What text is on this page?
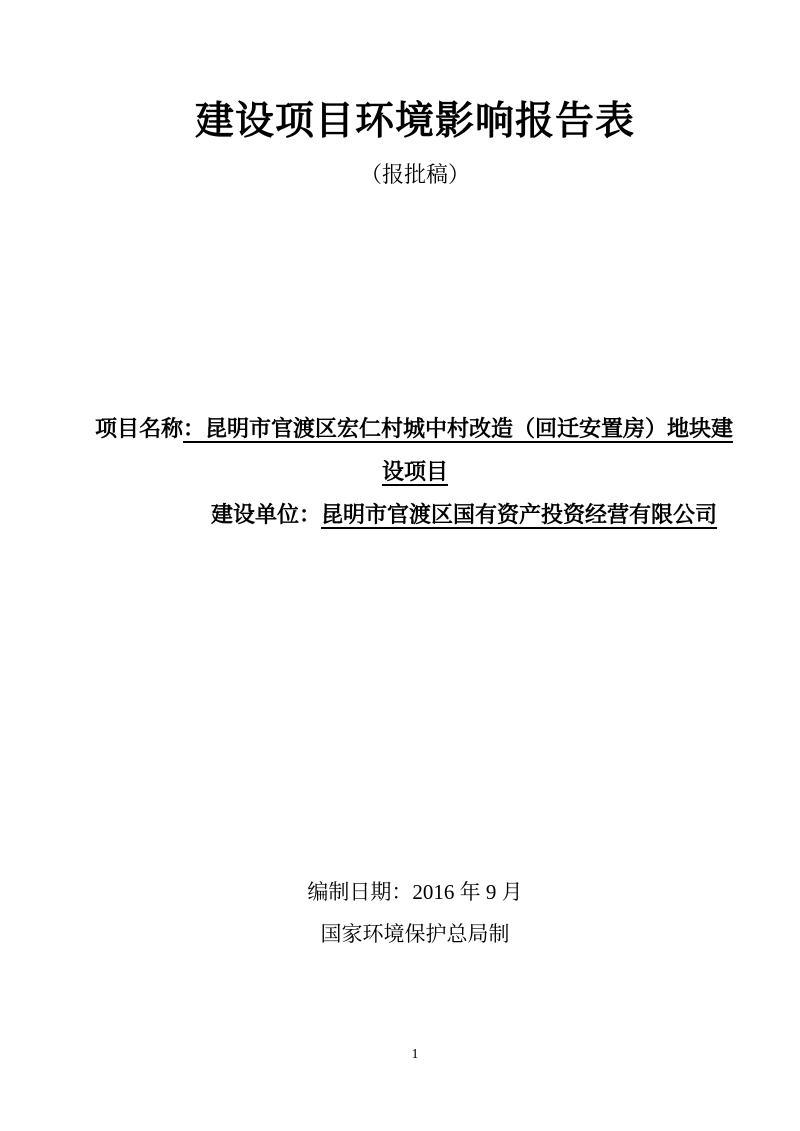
建设项目环境影响报告表
（报批稿）

项目名称：昆明市官渡区宏仁村城中村改造（回迁安置房）地块建

设项目

建设单位：昆明市官渡区国有资产投资经营有限公司

编制日期：2016 年 9 月

国家环境保护总局制

1
